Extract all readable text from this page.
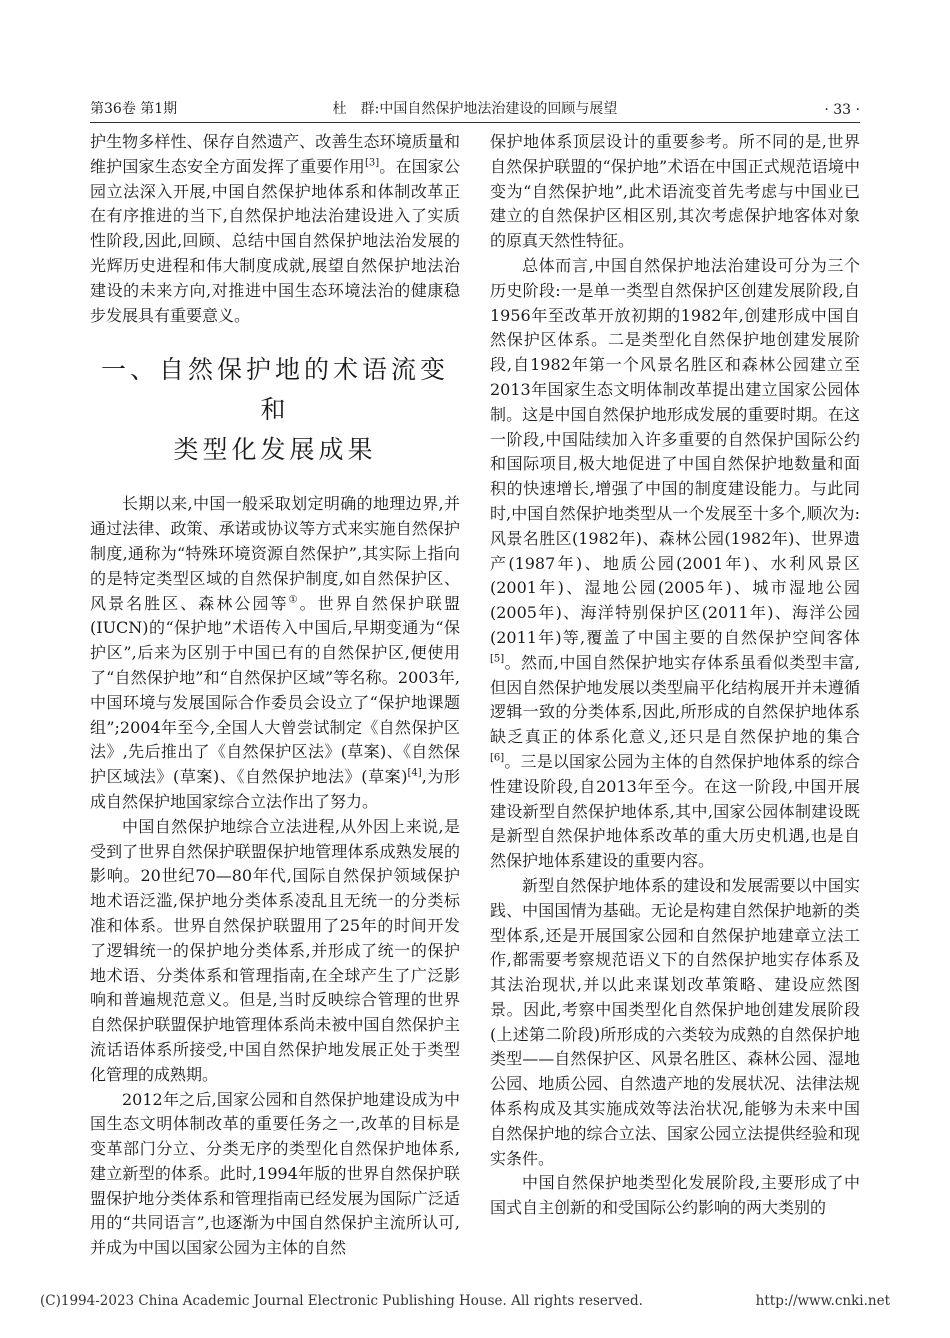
第36卷 第1期	杜　群:中国自然保护地法治建设的回顾与展望	· 33 ·

护生物多样性、保存自然遗产、改善生态环境质量和维护国家生态安全方面发挥了重要作用[3]。在国家公园立法深入开展,中国自然保护地体系和体制改革正在有序推进的当下,自然保护地法治建设进入了实质性阶段,因此,回顾、总结中国自然保护地法治发展的光辉历史进程和伟大制度成就,展望自然保护地法治建设的未来方向,对推进中国生态环境法治的健康稳步发展具有重要意义。

一、自然保护地的术语流变和
类型化发展成果

长期以来,中国一般采取划定明确的地理边界,并通过法律、政策、承诺或协议等方式来实施自然保护制度,通称为“特殊环境资源自然保护”,其实际上指向的是特定类型区域的自然保护制度,如自然保护区、风景名胜区、森林公园等①。世界自然保护联盟(IUCN)的“保护地”术语传入中国后,早期变通为“保护区”,后来为区别于中国已有的自然保护区,便使用了“自然保护地”和“自然保护区域”等名称。2003年,中国环境与发展国际合作委员会设立了“保护地课题组”;2004年至今,全国人大曾尝试制定《自然保护区法》,先后推出了《自然保护区法》(草案)、《自然保护区域法》(草案)、《自然保护地法》(草案)[4],为形成自然保护地国家综合立法作出了努力。

中国自然保护地综合立法进程,从外因上来说,是受到了世界自然保护联盟保护地管理体系成熟发展的影响。20世纪70—80年代,国际自然保护领域保护地术语泛滥,保护地分类体系凌乱且无统一的分类标准和体系。世界自然保护联盟用了25年的时间开发了逻辑统一的保护地分类体系,并形成了统一的保护地术语、分类体系和管理指南,在全球产生了广泛影响和普遍规范意义。但是,当时反映综合管理的世界自然保护联盟保护地管理体系尚未被中国自然保护主流话语体系所接受,中国自然保护地发展正处于类型化管理的成熟期。

2012年之后,国家公园和自然保护地建设成为中国生态文明体制改革的重要任务之一,改革的目标是变革部门分立、分类无序的类型化自然保护地体系,建立新型的体系。此时,1994年版的世界自然保护联盟保护地分类体系和管理指南已经发展为国际广泛适用的“共同语言”,也逐渐为中国自然保护主流所认可,并成为中国以国家公园为主体的自然

保护地体系顶层设计的重要参考。所不同的是,世界自然保护联盟的“保护地”术语在中国正式规范语境中变为“自然保护地”,此术语流变首先考虑与中国业已建立的自然保护区相区别,其次考虑保护地客体对象的原真天然性特征。

总体而言,中国自然保护地法治建设可分为三个历史阶段:一是单一类型自然保护区创建发展阶段,自1956年至改革开放初期的1982年,创建形成中国自然保护区体系。二是类型化自然保护地创建发展阶段,自1982年第一个风景名胜区和森林公园建立至2013年国家生态文明体制改革提出建立国家公园体制。这是中国自然保护地形成发展的重要时期。在这一阶段,中国陆续加入许多重要的自然保护国际公约和国际项目,极大地促进了中国自然保护地数量和面积的快速增长,增强了中国的制度建设能力。与此同时,中国自然保护地类型从一个发展至十多个,顺次为:风景名胜区(1982年)、森林公园(1982年)、世界遗产(1987年)、地质公园(2001年)、水利风景区(2001年)、湿地公园(2005年)、城市湿地公园(2005年)、海洋特别保护区(2011年)、海洋公园(2011年)等,覆盖了中国主要的自然保护空间客体[5]。然而,中国自然保护地实存体系虽看似类型丰富,但因自然保护地发展以类型扁平化结构展开并未遵循逻辑一致的分类体系,因此,所形成的自然保护地体系缺乏真正的体系化意义,还只是自然保护地的集合[6]。三是以国家公园为主体的自然保护地体系的综合性建设阶段,自2013年至今。在这一阶段,中国开展建设新型自然保护地体系,其中,国家公园体制建设既是新型自然保护地体系改革的重大历史机遇,也是自然保护地体系建设的重要内容。

新型自然保护地体系的建设和发展需要以中国实践、中国国情为基础。无论是构建自然保护地新的类型体系,还是开展国家公园和自然保护地建章立法工作,都需要考察规范语义下的自然保护地实存体系及其法治现状,并以此来谋划改革策略、建设应然图景。因此,考察中国类型化自然保护地创建发展阶段(上述第二阶段)所形成的六类较为成熟的自然保护地类型——自然保护区、风景名胜区、森林公园、湿地公园、地质公园、自然遗产地的发展状况、法律法规体系构成及其实施成效等法治状况,能够为未来中国自然保护地的综合立法、国家公园立法提供经验和现实条件。

中国自然保护地类型化发展阶段,主要形成了中国式自主创新的和受国际公约影响的两大类别的

(C)1994-2023 China Academic Journal Electronic Publishing House. All rights reserved.	http://www.cnki.net
